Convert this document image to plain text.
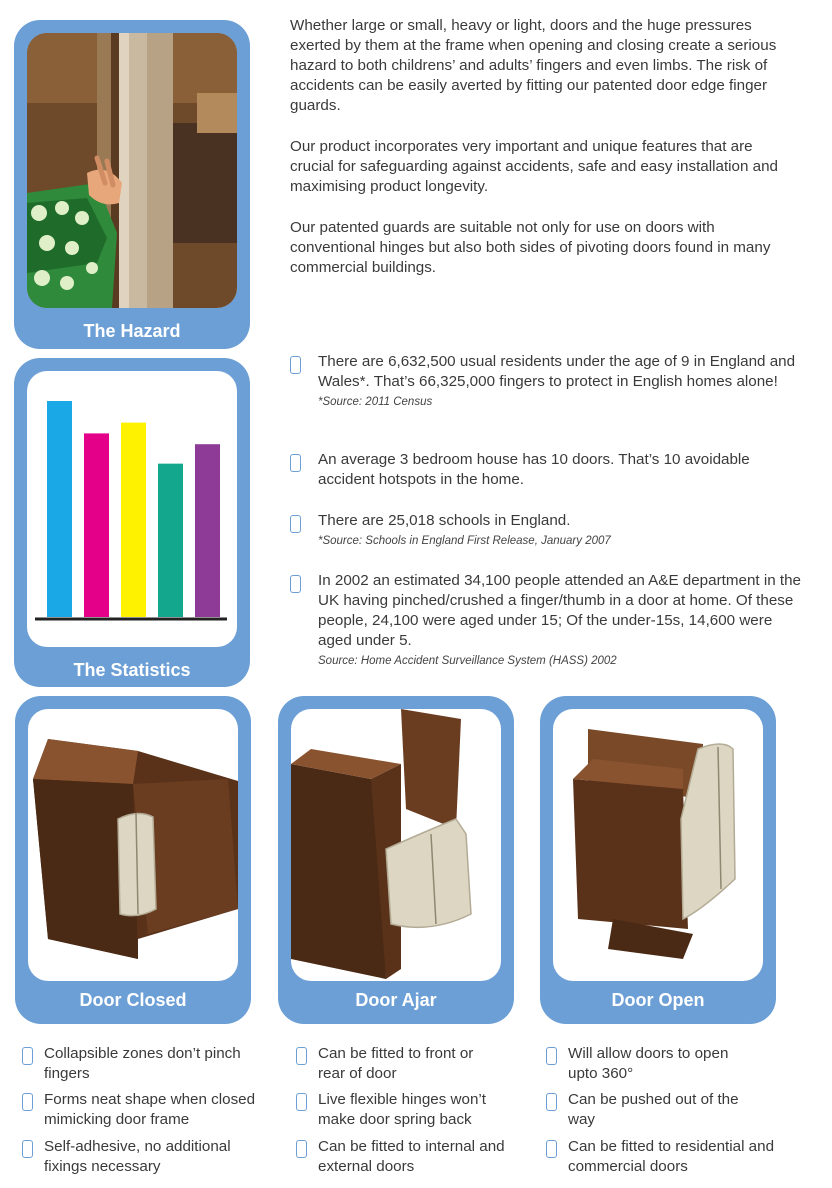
The Hazard

Whether large or small, heavy or light, doors and the huge pressures exerted by them at the frame when opening and closing create a serious hazard to both childrens’ and adults’ fingers and even limbs. The risk of accidents can be easily averted by fitting our patented door edge finger guards.

Our product incorporates very important and unique features that are crucial for safeguarding against accidents, safe and easy installation and maximising product longevity.

Our patented guards are suitable not only for use on doors with conventional hinges but also both sides of pivoting doors found in many commercial buildings.

The Statistics
There are 6,632,500 usual residents under the age of 9 in England and Wales*. That’s 66,325,000 fingers to protect in English homes alone!
*Source: 2011 Census
An average 3 bedroom house has 10 doors. That’s 10 avoidable accident hotspots in the home.
There are 25,018 schools in England.
*Source: Schools in England First Release, January 2007
In 2002 an estimated 34,100 people attended an A&E department in the UK having pinched/crushed a finger/thumb in a door at home. Of these people, 24,100 were aged under 15; Of the under-15s, 14,600 were aged under 5.
Source: Home Accident Surveillance System (HASS) 2002
Door Closed	Door Ajar	Door Open
Collapsible zones don’t pinch fingers
Forms neat shape when closed mimicking door frame
Self-adhesive, no additional fixings necessary
Can be fitted to front or rear of door
Live flexible hinges won’t make door spring back
Can be fitted to internal and external doors
Will allow doors to open upto 360°
Can be pushed out of the way
Can be fitted to residential and commercial doors
